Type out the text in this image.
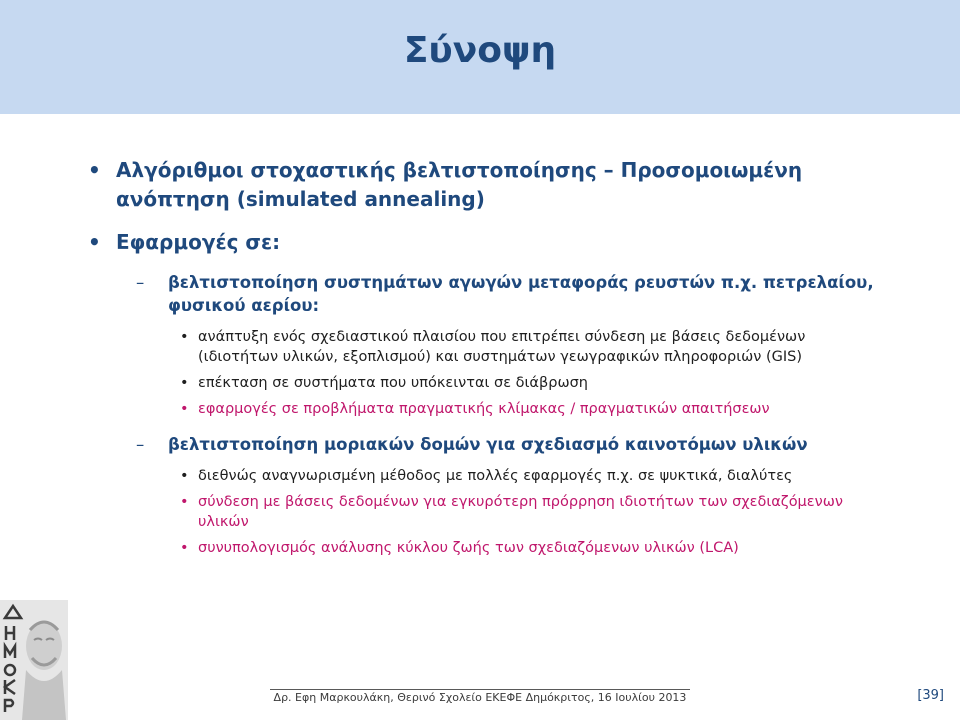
Σύνοψη
• Αλγόριθμοι στοχαστικής βελτιστοποίησης – Προσομοιωμένη ανόπτηση (simulated annealing)
• Εφαρμογές σε:
– βελτιστοποίηση συστημάτων αγωγών μεταφοράς ρευστών π.χ. πετρελαίου, φυσικού αερίου:
• ανάπτυξη ενός σχεδιαστικού πλαισίου που επιτρέπει σύνδεση με βάσεις δεδομένων (ιδιοτήτων υλικών, εξοπλισμού) και συστημάτων γεωγραφικών πληροφοριών (GIS)
• επέκταση σε συστήματα που υπόκεινται σε διάβρωση
• εφαρμογές σε προβλήματα πραγματικής κλίμακας / πραγματικών απαιτήσεων
– βελτιστοποίηση μοριακών δομών για σχεδιασμό καινοτόμων υλικών
• διεθνώς αναγνωρισμένη μέθοδος με πολλές εφαρμογές π.χ. σε ψυκτικά, διαλύτες
• σύνδεση με βάσεις δεδομένων για εγκυρότερη πρόρρηση ιδιοτήτων των σχεδιαζόμενων υλικών
• συνυπολογισμός ανάλυσης κύκλου ζωής των σχεδιαζόμενων υλικών (LCA)
Δρ. Εφη Μαρκουλάκη, Θερινό Σχολείο ΕΚΕΦΕ Δημόκριτος, 16 Ιουλίου 2013	[39]
